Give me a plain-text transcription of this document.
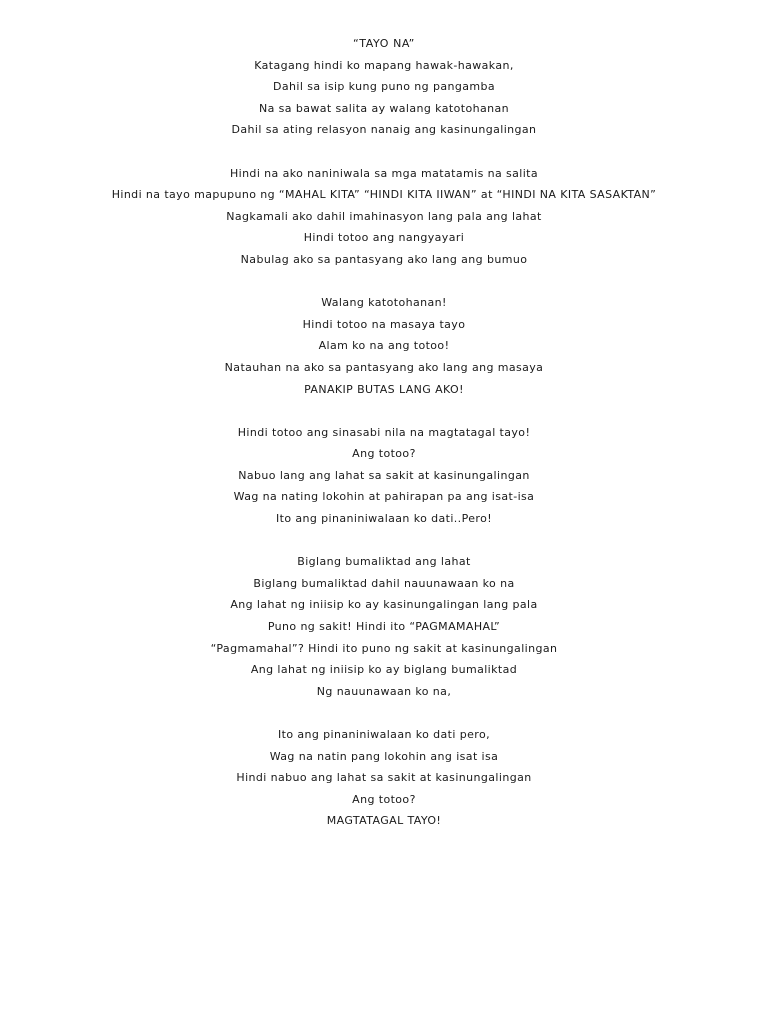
“TAYO NA”
Katagang hindi ko mapang hawak-hawakan,
Dahil sa isip kung puno ng pangamba
Na sa bawat salita ay walang katotohanan
Dahil sa ating relasyon nanaig ang kasinungalingan
Hindi na ako naniniwala sa mga matatamis na salita
Hindi na tayo mapupuno ng “MAHAL KITA” “HINDI KITA IIWAN” at “HINDI NA KITA SASAKTAN”
Nagkamali ako dahil imahinasyon lang pala ang lahat
Hindi totoo ang nangyayari
Nabulag ako sa pantasyang ako lang ang bumuo
Walang katotohanan!
Hindi totoo na masaya tayo
Alam ko na ang totoo!
Natauhan na ako sa pantasyang ako lang ang masaya
PANAKIP BUTAS LANG AKO!
Hindi totoo ang sinasabi nila na magtatagal tayo!
Ang totoo?
Nabuo lang ang lahat sa sakit at kasinungalingan
Wag na nating lokohin at pahirapan pa ang isat-isa
Ito ang pinaniniwalaan ko dati..Pero!
Biglang bumaliktad ang lahat
Biglang bumaliktad dahil nauunawaan ko na
Ang lahat ng iniisip ko ay kasinungalingan lang pala
Puno ng sakit! Hindi ito “PAGMAMAHAL”
“Pagmamahal”? Hindi ito puno ng sakit at kasinungalingan
Ang lahat ng iniisip ko ay biglang bumaliktad
Ng nauunawaan ko na,
Ito ang pinaniniwalaan ko dati pero,
Wag na natin pang lokohin ang isat isa
Hindi nabuo ang lahat sa sakit at kasinungalingan
Ang totoo?
MAGTATAGAL TAYO!
